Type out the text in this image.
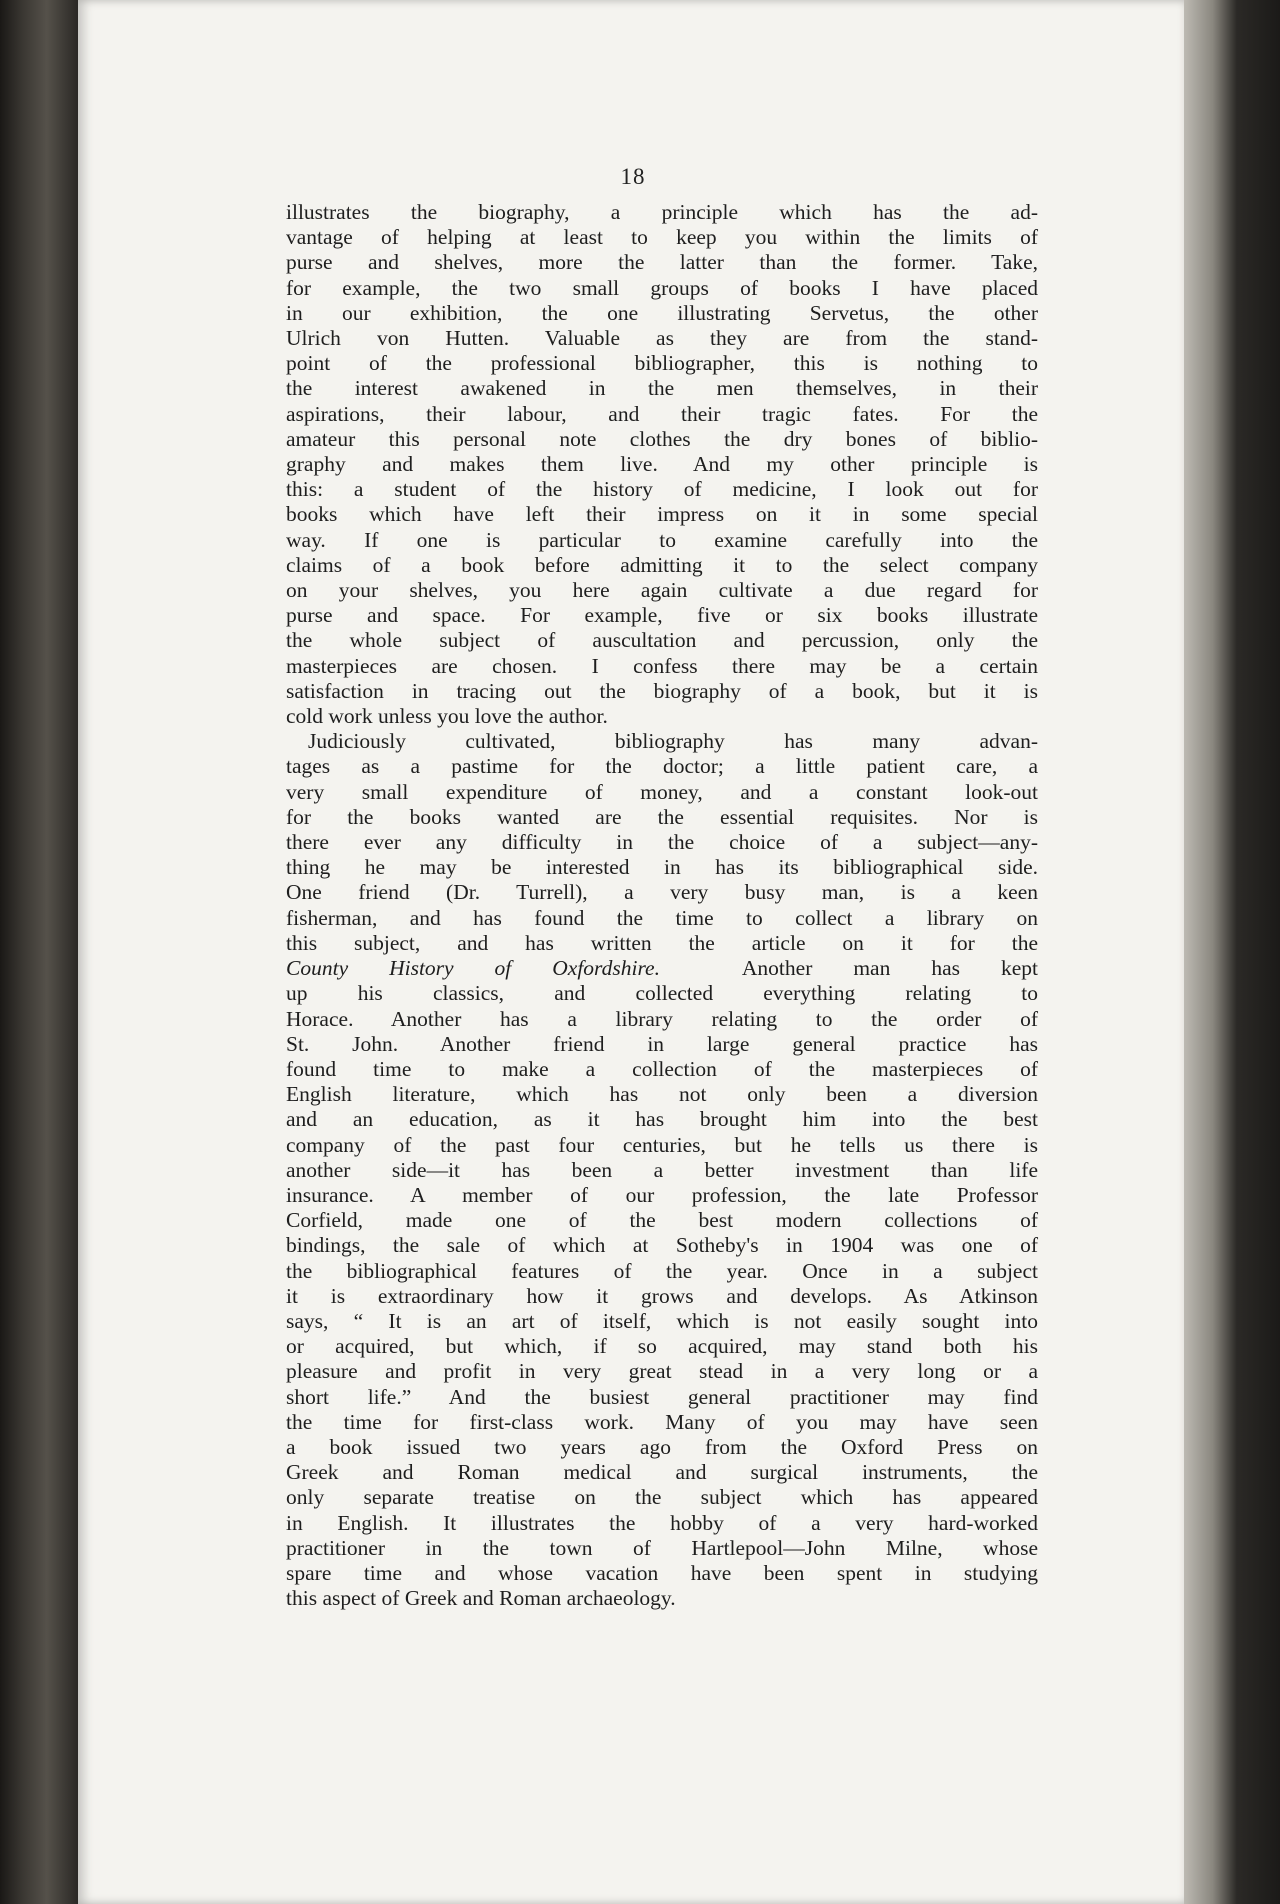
18
illustrates the biography, a principle which has the ad-
vantage of helping at least to keep you within the limits of
purse and shelves, more the latter than the former. Take,
for example, the two small groups of books I have placed
in our exhibition, the one illustrating Servetus, the other
Ulrich von Hutten. Valuable as they are from the stand-
point of the professional bibliographer, this is nothing to
the interest awakened in the men themselves, in their
aspirations, their labour, and their tragic fates. For the
amateur this personal note clothes the dry bones of biblio-
graphy and makes them live. And my other principle is
this: a student of the history of medicine, I look out for
books which have left their impress on it in some special
way. If one is particular to examine carefully into the
claims of a book before admitting it to the select company
on your shelves, you here again cultivate a due regard for
purse and space. For example, five or six books illustrate
the whole subject of auscultation and percussion, only the
masterpieces are chosen. I confess there may be a certain
satisfaction in tracing out the biography of a book, but it is
cold work unless you love the author.
Judiciously cultivated, bibliography has many advan-
tages as a pastime for the doctor; a little patient care, a
very small expenditure of money, and a constant look-out
for the books wanted are the essential requisites. Nor is
there ever any difficulty in the choice of a subject—any-
thing he may be interested in has its bibliographical side.
One friend (Dr. Turrell), a very busy man, is a keen
fisherman, and has found the time to collect a library on
this subject, and has written the article on it for the
County History of Oxfordshire.	Another man has kept
up his classics, and collected everything relating to
Horace. Another has a library relating to the order of
St. John. Another friend in large general practice has
found time to make a collection of the masterpieces of
English literature, which has not only been a diversion
and an education, as it has brought him into the best
company of the past four centuries, but he tells us there is
another side—it has been a better investment than life
insurance. A member of our profession, the late Professor
Corfield, made one of the best modern collections of
bindings, the sale of which at Sotheby's in 1904 was one of
the bibliographical features of the year. Once in a subject
it is extraordinary how it grows and develops. As Atkinson
says, “ It is an art of itself, which is not easily sought into
or acquired, but which, if so acquired, may stand both his
pleasure and profit in very great stead in a very long or a
short life.” And the busiest general practitioner may find
the time for first-class work. Many of you may have seen
a book issued two years ago from the Oxford Press on
Greek and Roman medical and surgical instruments, the
only separate treatise on the subject which has appeared
in English. It illustrates the hobby of a very hard-worked
practitioner in the town of Hartlepool—John Milne, whose
spare time and whose vacation have been spent in studying
this aspect of Greek and Roman archaeology.
